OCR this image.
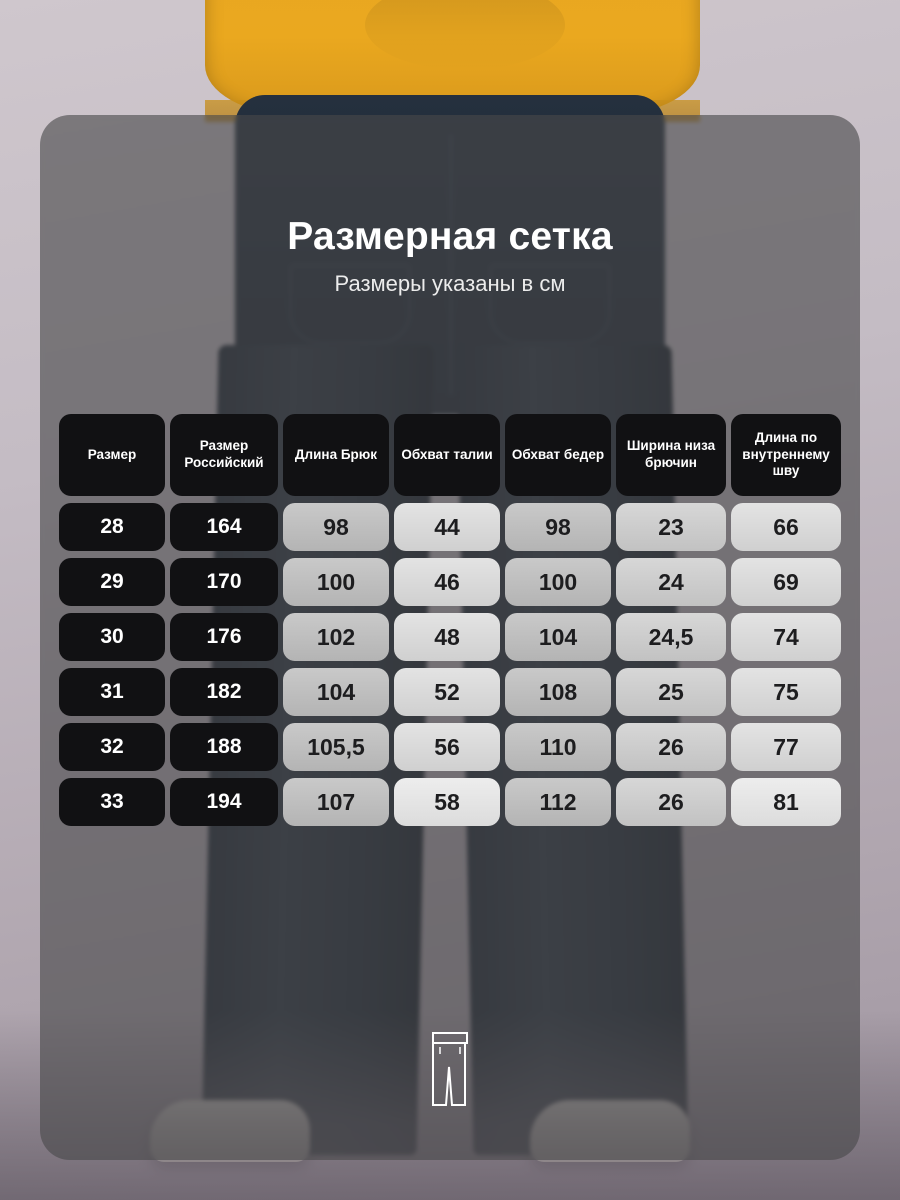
Размерная сетка
Размеры указаны в см
Размер	Размер Российский	Длина Брюк	Обхват талии	Обхват бедер	Ширина низа брючин	Длина по внутреннему шву
28	164	98	44	98	23	66
29	170	100	46	100	24	69
30	176	102	48	104	24,5	74
31	182	104	52	108	25	75
32	188	105,5	56	110	26	77
33	194	107	58	112	26	81
